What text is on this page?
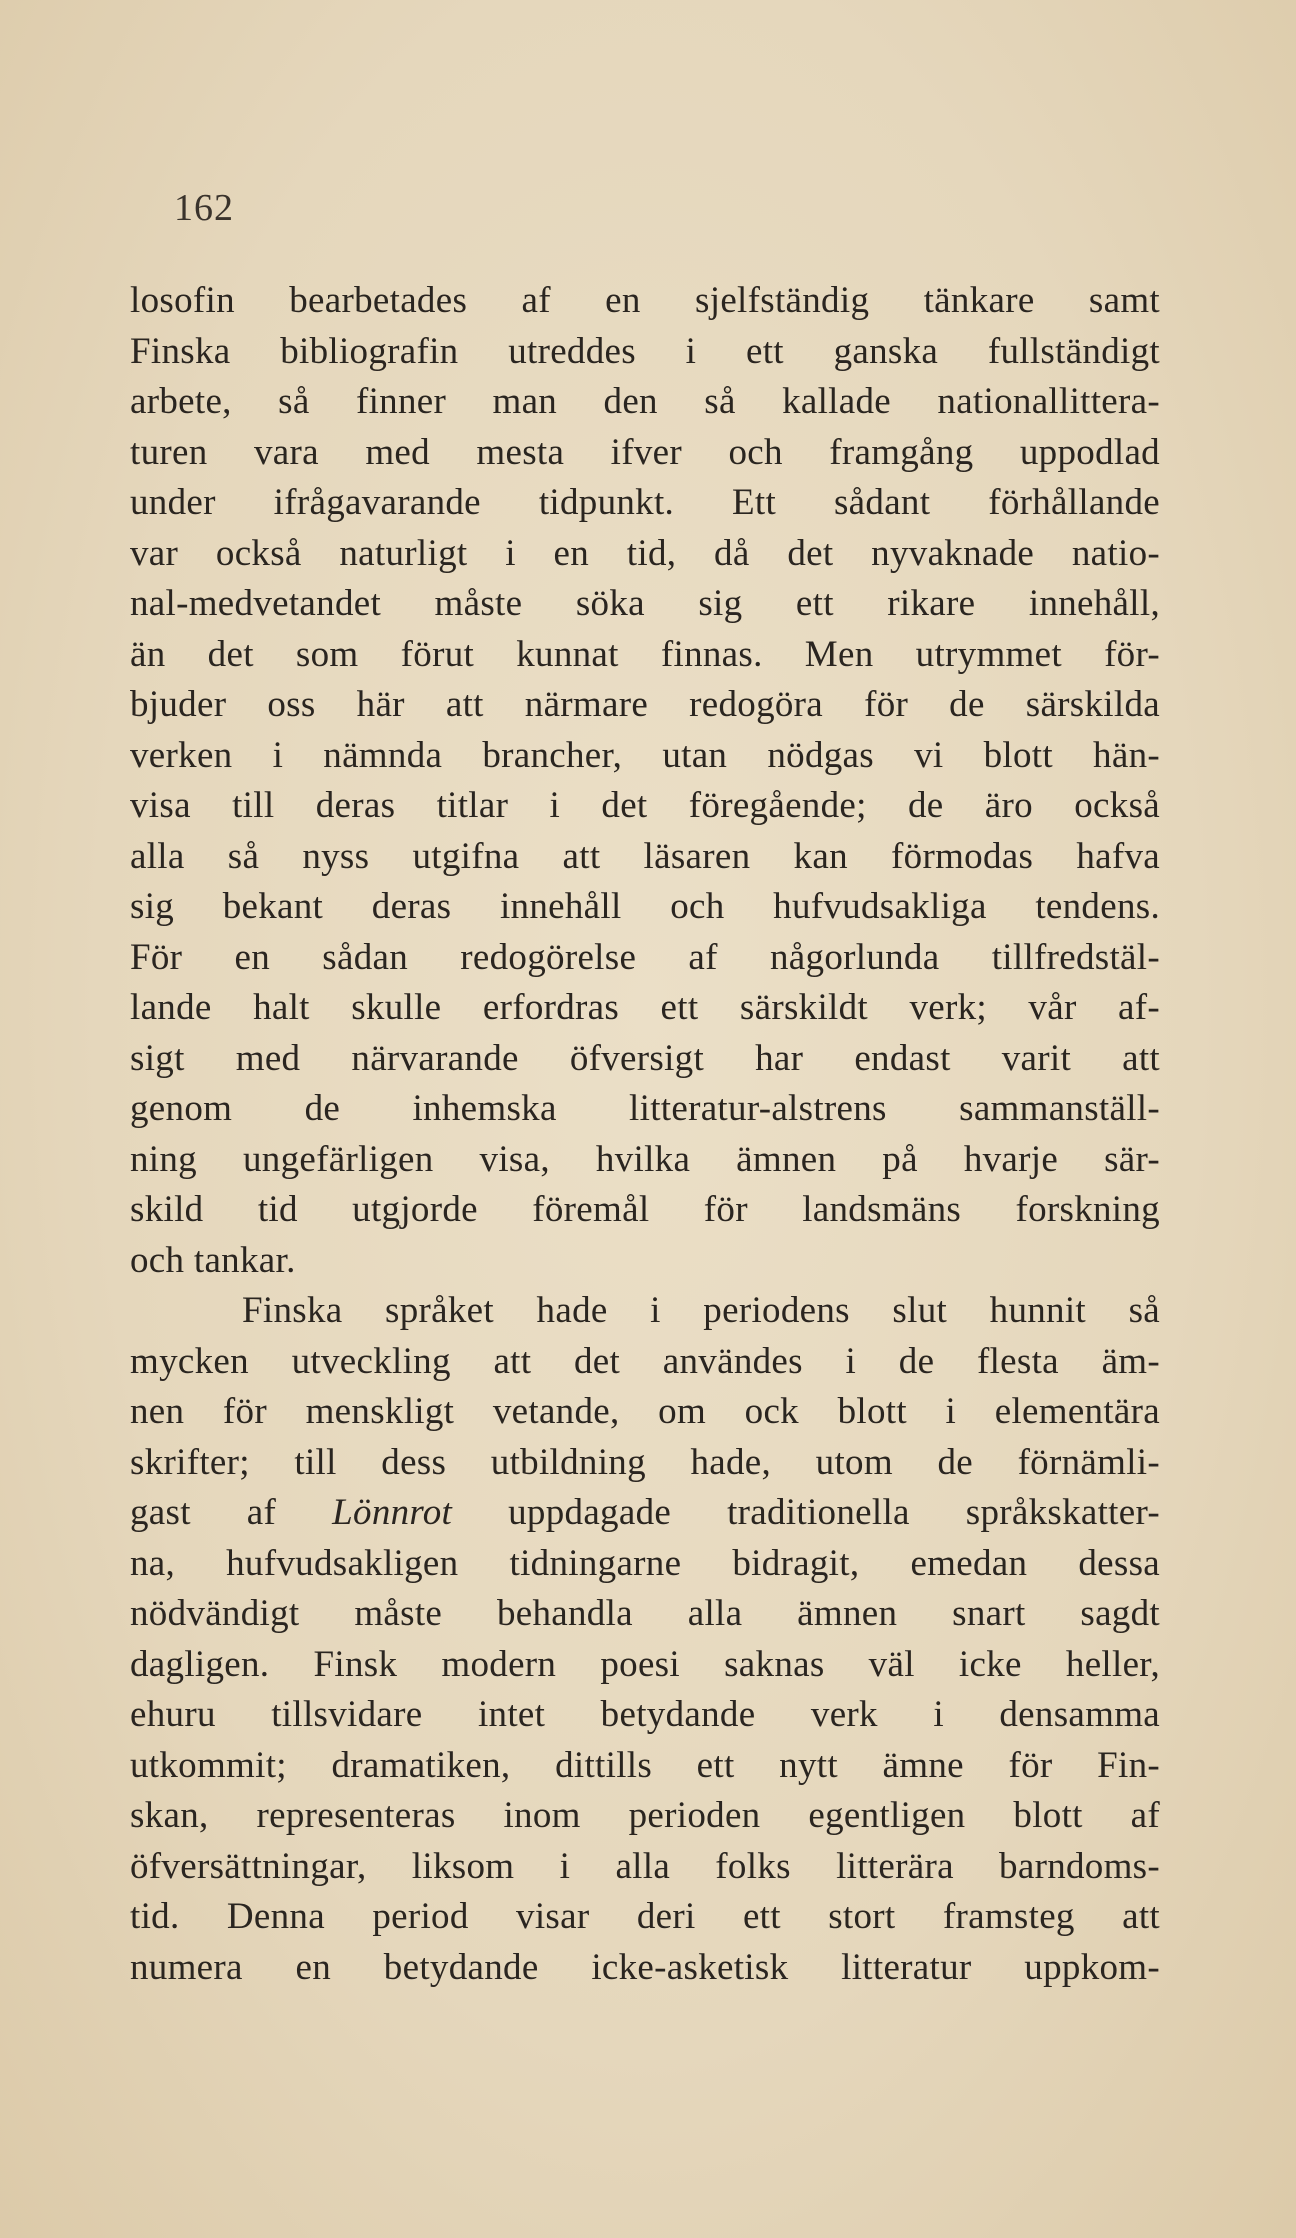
162
losofin bearbetades af en sjelfständig tänkare samt
Finska bibliografin utreddes i ett ganska fullständigt
arbete, så finner man den så kallade nationallittera-
turen vara med mesta ifver och framgång uppodlad
under ifrågavarande tidpunkt. Ett sådant förhållande
var också naturligt i en tid, då det nyvaknade natio-
nal-medvetandet måste söka sig ett rikare innehåll,
än det som förut kunnat finnas. Men utrymmet för-
bjuder oss här att närmare redogöra för de särskilda
verken i nämnda brancher, utan nödgas vi blott hän-
visa till deras titlar i det föregående; de äro också
alla så nyss utgifna att läsaren kan förmodas hafva
sig bekant deras innehåll och hufvudsakliga tendens.
För en sådan redogörelse af någorlunda tillfredstäl-
lande halt skulle erfordras ett särskildt verk; vår af-
sigt med närvarande öfversigt har endast varit att
genom de inhemska litteratur-alstrens sammanställ-
ning ungefärligen visa, hvilka ämnen på hvarje sär-
skild tid utgjorde föremål för landsmäns forskning
och tankar.
Finska språket hade i periodens slut hunnit så
mycken utveckling att det användes i de flesta äm-
nen för menskligt vetande, om ock blott i elementära
skrifter; till dess utbildning hade, utom de förnämli-
gast af Lönnrot uppdagade traditionella språkskatter-
na, hufvudsakligen tidningarne bidragit, emedan dessa
nödvändigt måste behandla alla ämnen snart sagdt
dagligen. Finsk modern poesi saknas väl icke heller,
ehuru tillsvidare intet betydande verk i densamma
utkommit; dramatiken, dittills ett nytt ämne för Fin-
skan, representeras inom perioden egentligen blott af
öfversättningar, liksom i alla folks litterära barndoms-
tid. Denna period visar deri ett stort framsteg att
numera en betydande icke-asketisk litteratur uppkom-
